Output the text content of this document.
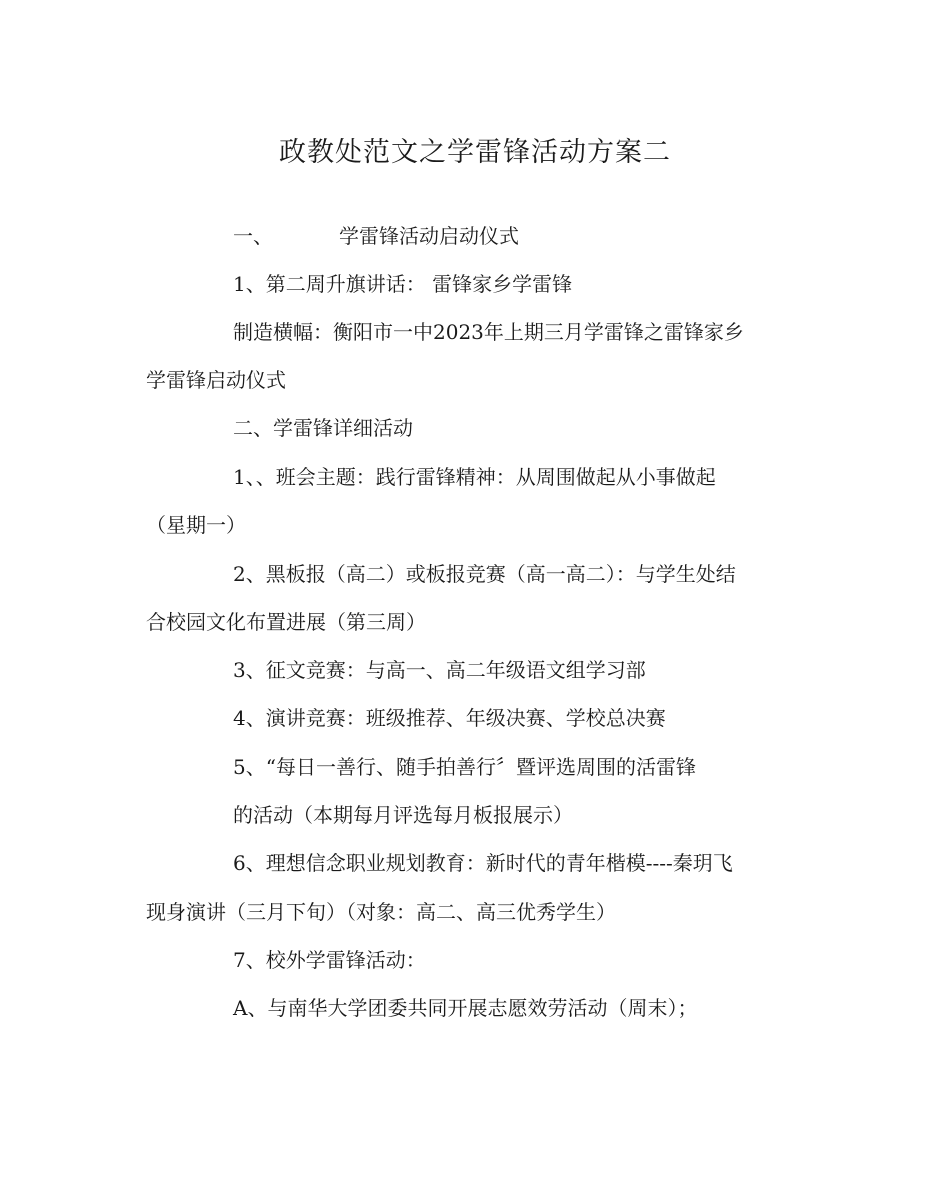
政教处范文之学雷锋活动方案二
一、	学雷锋活动启动仪式
1、第二周升旗讲话： 雷锋家乡学雷锋
制造横幅：衡阳市一中2023年上期三月学雷锋之雷锋家乡
学雷锋启动仪式
二、学雷锋详细活动
1、、班会主题：践行雷锋精神：从周围做起从小事做起
（星期一）
2、黑板报（高二）或板报竞赛（高一高二）：与学生处结
合校园文化布置进展（第三周）
3、征文竞赛：与高一、高二年级语文组学习部
4、演讲竞赛：班级推荐、年级决赛、学校总决赛
5、“每日一善行、随手拍善行〞暨评选周围的活雷锋
的活动（本期每月评选每月板报展示）
6、理想信念职业规划教育：新时代的青年楷模----秦玥飞
现身演讲（三月下旬）（对象：高二、高三优秀学生）
7、校外学雷锋活动：
A、与南华大学团委共同开展志愿效劳活动（周末）；
